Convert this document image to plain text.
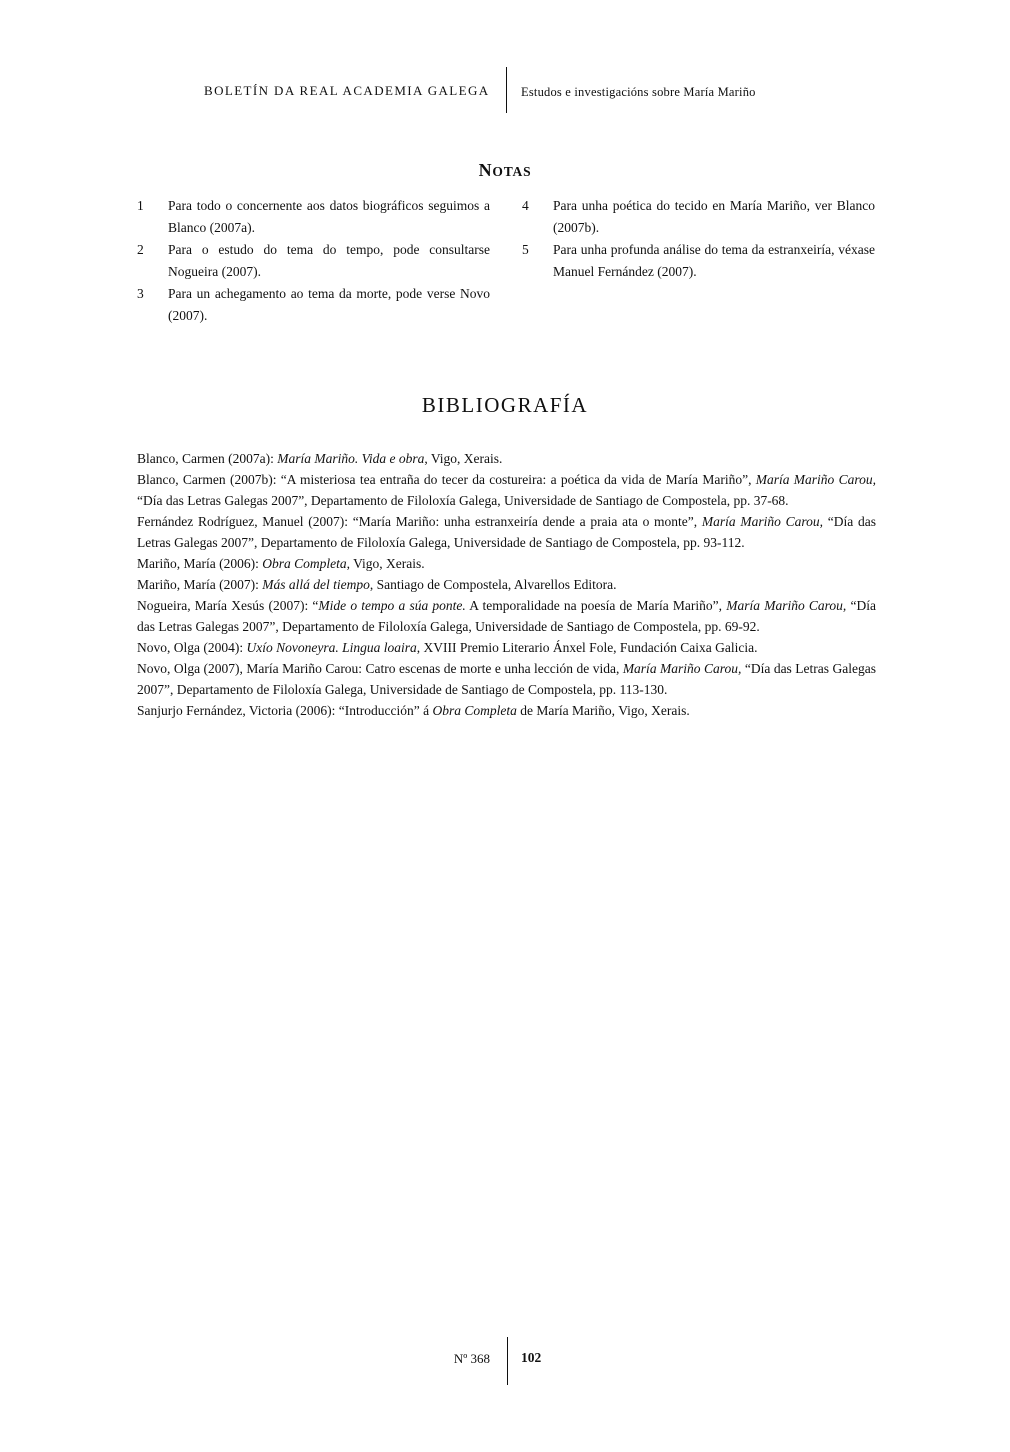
BOLETÍN DA REAL ACADEMIA GALEGA	Estudos e investigacións sobre María Mariño
NOTAS
1	Para todo o concernente aos datos biográficos seguimos a Blanco (2007a).
2	Para o estudo do tema do tempo, pode consultarse Nogueira (2007).
3	Para un achegamento ao tema da morte, pode verse Novo (2007).
4	Para unha poética do tecido en María Mariño, ver Blanco (2007b).
5	Para unha profunda análise do tema da estranxeiría, véxase Manuel Fernández (2007).
BIBLIOGRAFÍA

Blanco, Carmen (2007a): María Mariño. Vida e obra, Vigo, Xerais.

Blanco, Carmen (2007b): “A misteriosa tea entraña do tecer da costureira: a poética da vida de María Mariño”, María Mariño Carou, “Día das Letras Galegas 2007”, Departamento de Filoloxía Galega, Universidade de Santiago de Compostela, pp. 37-68.

Fernández Rodríguez, Manuel (2007): “María Mariño: unha estranxeiría dende a praia ata o monte”, María Mariño Carou, “Día das Letras Galegas 2007”, Departamento de Filoloxía Galega, Universidade de Santiago de Compostela, pp. 93-112.

Mariño, María (2006): Obra Completa, Vigo, Xerais.

Mariño, María (2007): Más allá del tiempo, Santiago de Compostela, Alvarellos Editora.

Nogueira, María Xesús (2007): “Mide o tempo a súa ponte. A temporalidade na poesía de María Mariño”, María Mariño Carou, “Día das Letras Galegas 2007”, Departamento de Filoloxía Galega, Universidade de Santiago de Compostela, pp. 69-92.

Novo, Olga (2004): Uxío Novoneyra. Lingua loaira, XVIII Premio Literario Ánxel Fole, Fundación Caixa Galicia.

Novo, Olga (2007), María Mariño Carou: Catro escenas de morte e unha lección de vida, María Mariño Carou, “Día das Letras Galegas 2007”, Departamento de Filoloxía Galega, Universidade de Santiago de Compostela, pp. 113-130.

Sanjurjo Fernández, Victoria (2006): “Introducción” á Obra Completa de María Mariño, Vigo, Xerais.

Nº 368 102
